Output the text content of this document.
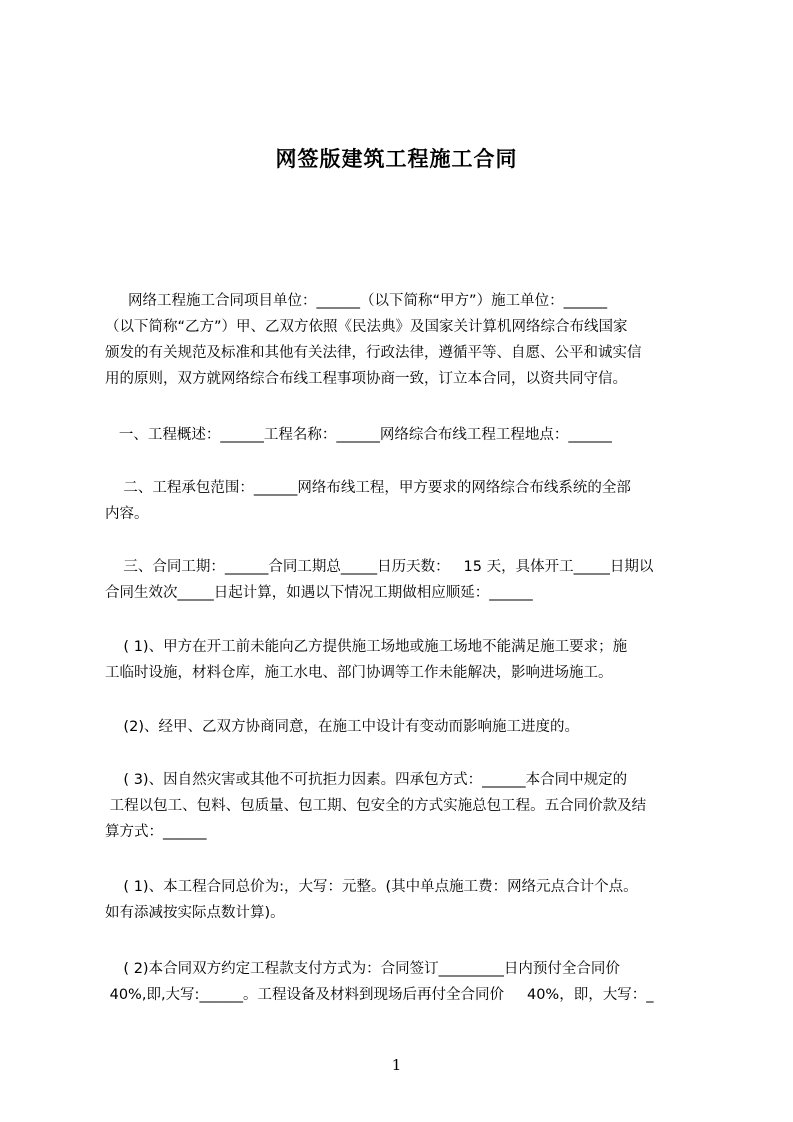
网签版建筑工程施工合同
网络工程施工合同项目单位：______（以下简称“甲方”）施工单位：______
（以下简称“乙方”）甲、乙双方依照《民法典》及国家关计算机网络综合布线国家
颁发的有关规范及标准和其他有关法律，行政法律，遵循平等、自愿、公平和诚实信
用的原则，双方就网络综合布线工程事项协商一致，订立本合同，以资共同守信。
一、工程概述：______工程名称：______网络综合布线工程工程地点：______
二、工程承包范围：______网络布线工程，甲方要求的网络综合布线系统的全部
内容。
三、合同工期：______合同工期总_____日历天数：   15 天，具体开工_____日期以
合同生效次_____日起计算，如遇以下情况工期做相应顺延：______
( 1)、甲方在开工前未能向乙方提供施工场地或施工场地不能满足施工要求；施
工临时设施，材料仓库，施工水电、部门协调等工作未能解决，影响进场施工。
(2)、经甲、乙双方协商同意，在施工中设计有变动而影响施工进度的。
( 3)、因自然灾害或其他不可抗拒力因素。四承包方式：______本合同中规定的
工程以包工、包料、包质量、包工期、包安全的方式实施总包工程。五合同价款及结
算方式：______
( 1)、本工程合同总价为:，大写：元整。(其中单点施工费：网络元点合计个点。
如有添减按实际点数计算)。
( 2)本合同双方约定工程款支付方式为：合同签订_________日内预付全合同价
40%,即,大写:______。工程设备及材料到现场后再付全合同价     40%，即，大写：_
1
